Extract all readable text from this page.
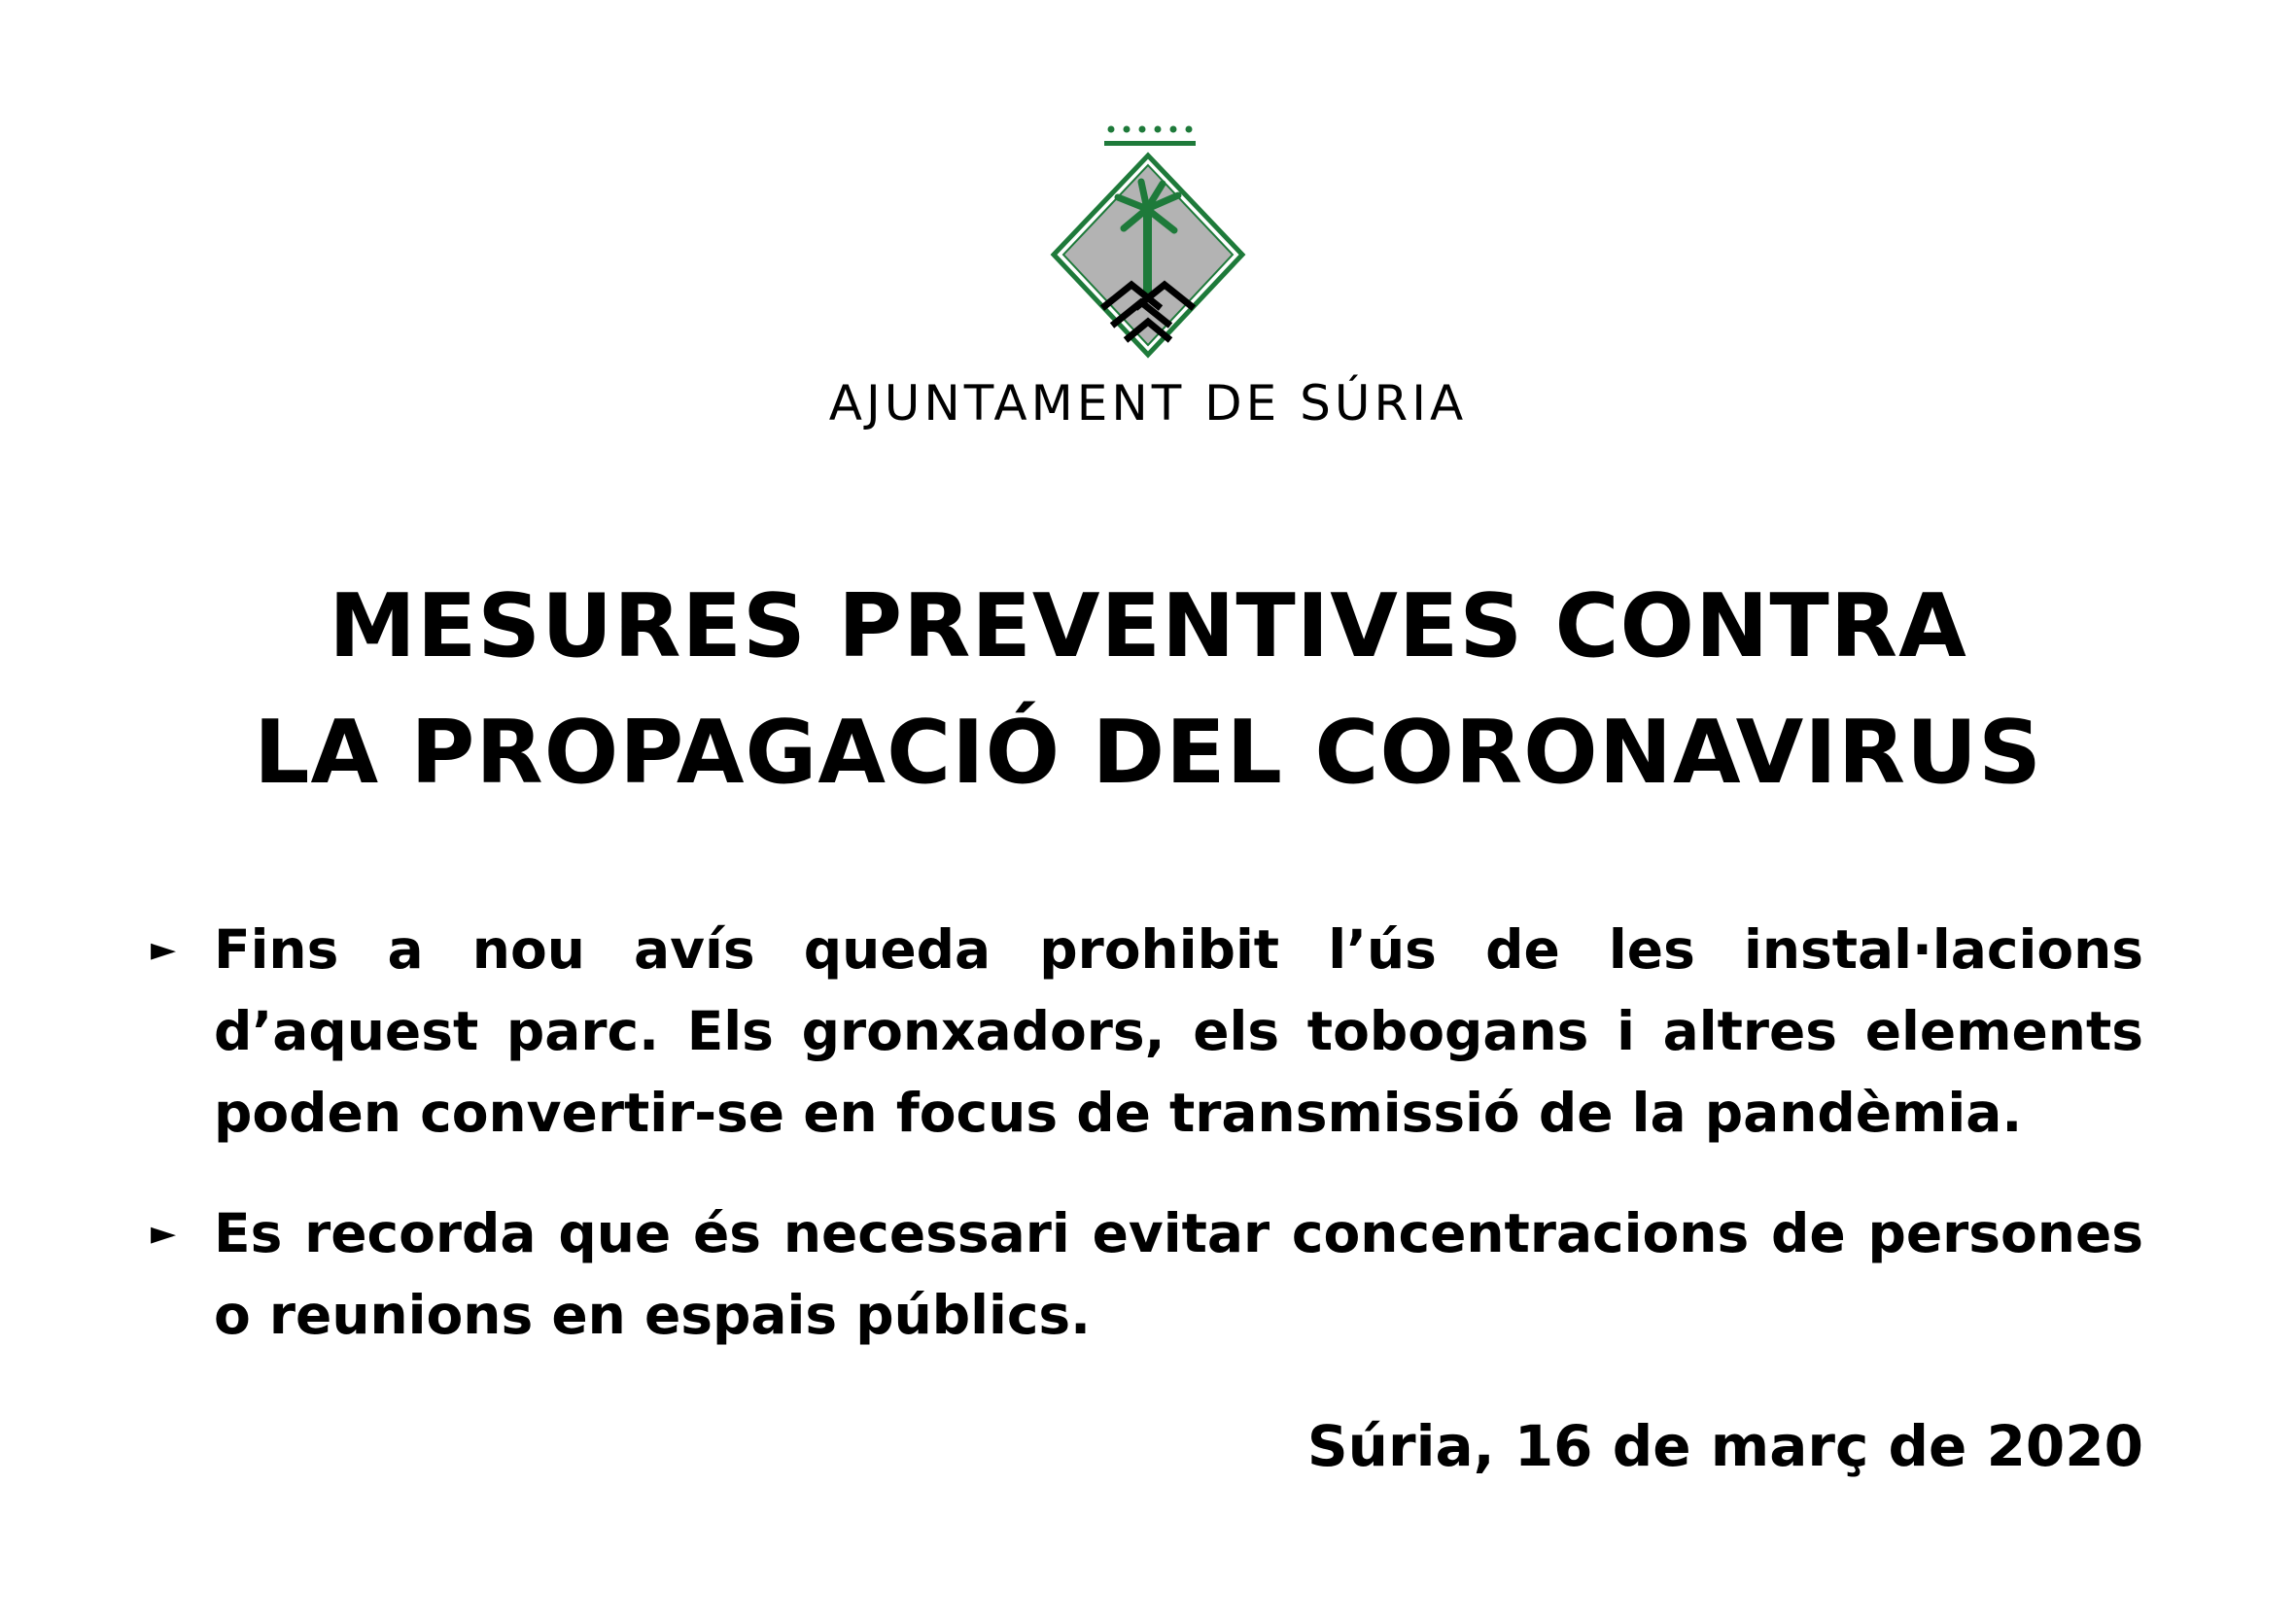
AJUNTAMENT DE SÚRIA
MESURES PREVENTIVES CONTRA
LA PROPAGACIÓ DEL CORONAVIRUS
► Fins a nou avís queda prohibit l’ús de les instal·lacions d’aquest parc. Els gronxadors, els tobogans i altres elements poden convertir-se en focus de transmissió de la pandèmia.
► Es recorda que és necessari evitar concentracions de persones o reunions en espais públics.
Súria, 16 de març de 2020
